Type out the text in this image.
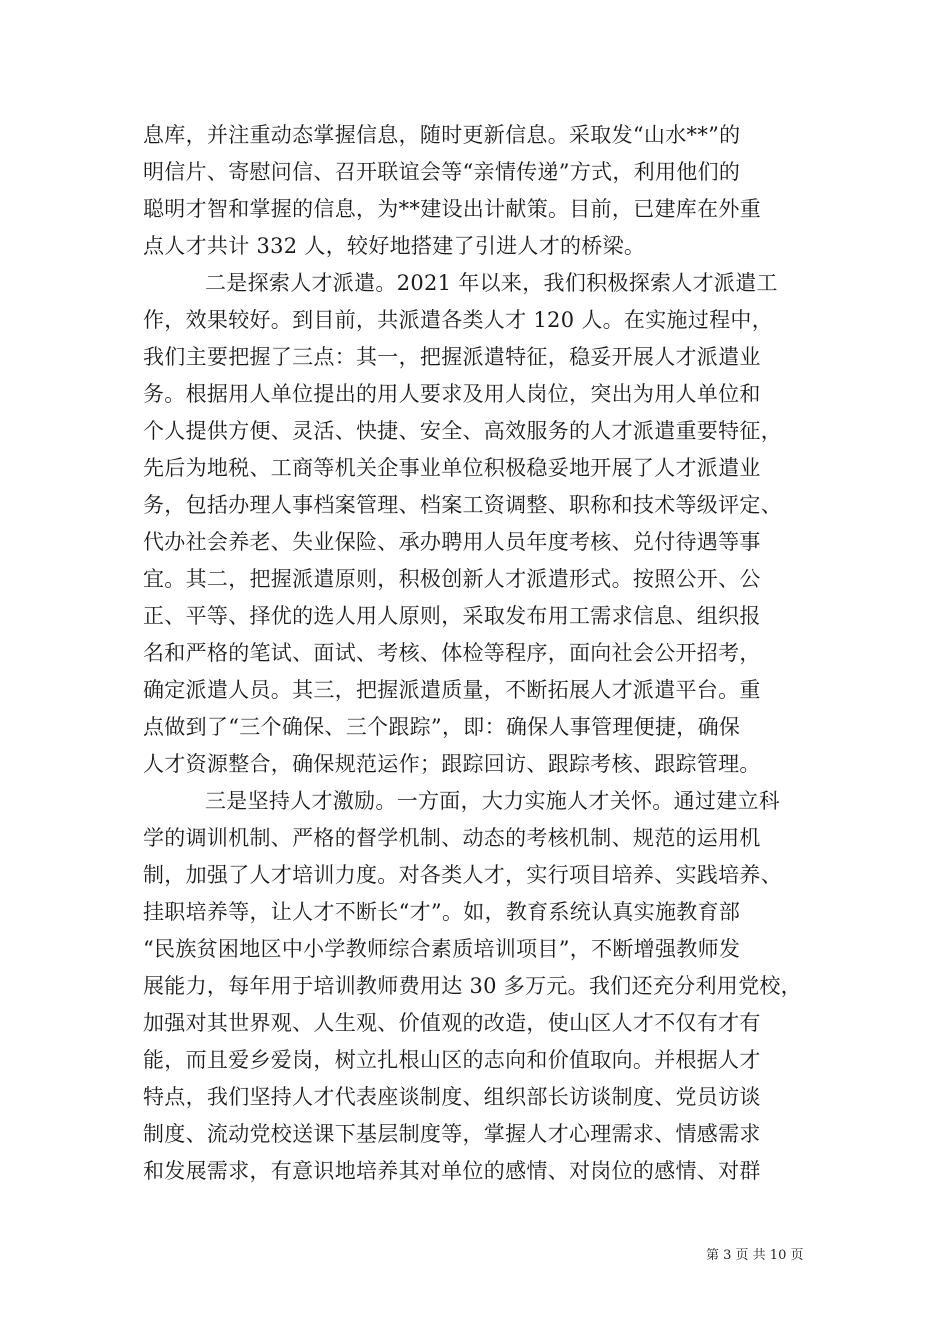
息库，并注重动态掌握信息，随时更新信息。采取发“山水**”的
明信片、寄慰问信、召开联谊会等“亲情传递”方式，利用他们的
聪明才智和掌握的信息，为**建设出计献策。目前，已建库在外重
点人才共计 332 人，较好地搭建了引进人才的桥梁。
二是探索人才派遣。2021 年以来，我们积极探索人才派遣工
作，效果较好。到目前，共派遣各类人才 120 人。在实施过程中，
我们主要把握了三点：其一，把握派遣特征，稳妥开展人才派遣业
务。根据用人单位提出的用人要求及用人岗位，突出为用人单位和
个人提供方便、灵活、快捷、安全、高效服务的人才派遣重要特征，
先后为地税、工商等机关企事业单位积极稳妥地开展了人才派遣业
务，包括办理人事档案管理、档案工资调整、职称和技术等级评定、
代办社会养老、失业保险、承办聘用人员年度考核、兑付待遇等事
宜。其二，把握派遣原则，积极创新人才派遣形式。按照公开、公
正、平等、择优的选人用人原则，采取发布用工需求信息、组织报
名和严格的笔试、面试、考核、体检等程序，面向社会公开招考，
确定派遣人员。其三，把握派遣质量，不断拓展人才派遣平台。重
点做到了“三个确保、三个跟踪”，即：确保人事管理便捷，确保
人才资源整合，确保规范运作；跟踪回访、跟踪考核、跟踪管理。
三是坚持人才激励。一方面，大力实施人才关怀。通过建立科
学的调训机制、严格的督学机制、动态的考核机制、规范的运用机
制，加强了人才培训力度。对各类人才，实行项目培养、实践培养、
挂职培养等，让人才不断长“才”。如，教育系统认真实施教育部
“民族贫困地区中小学教师综合素质培训项目”，不断增强教师发
展能力，每年用于培训教师费用达 30 多万元。我们还充分利用党校，
加强对其世界观、人生观、价值观的改造，使山区人才不仅有才有
能，而且爱乡爱岗，树立扎根山区的志向和价值取向。并根据人才
特点，我们坚持人才代表座谈制度、组织部长访谈制度、党员访谈
制度、流动党校送课下基层制度等，掌握人才心理需求、情感需求
和发展需求，有意识地培养其对单位的感情、对岗位的感情、对群
第 3 页 共 10 页
